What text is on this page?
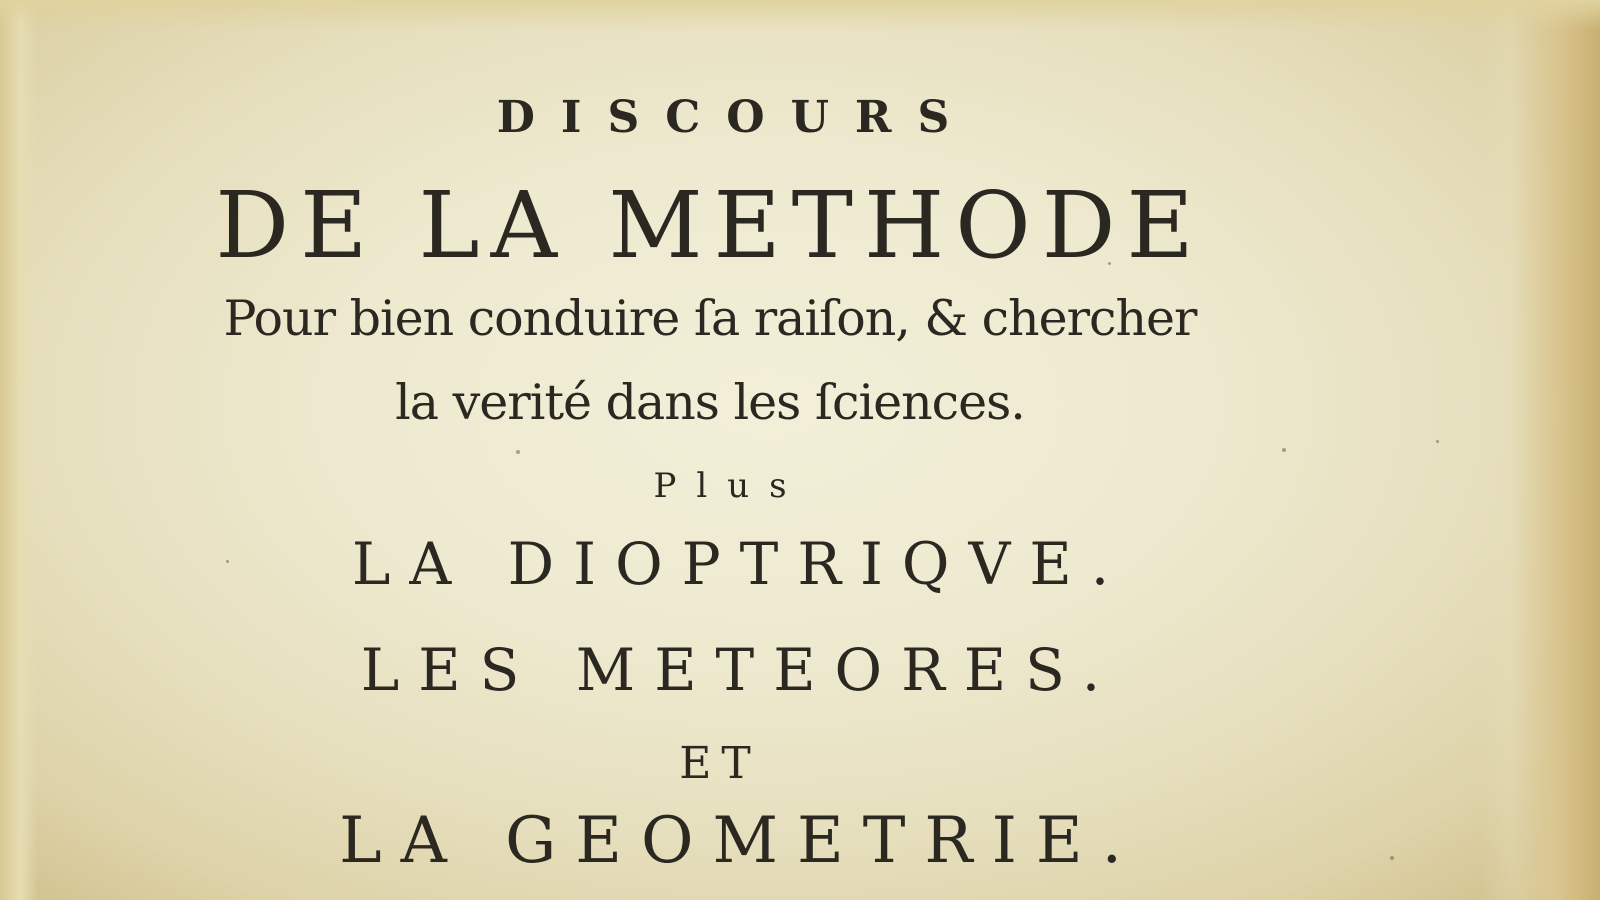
DISCOURS
DE LA METHODE
Pour bien conduire ſa raiſon, & chercher
la verité dans les ſciences.
Plus
LA DIOPTRIQVE.
LES METEORES.
ET
LA GEOMETRIE.
